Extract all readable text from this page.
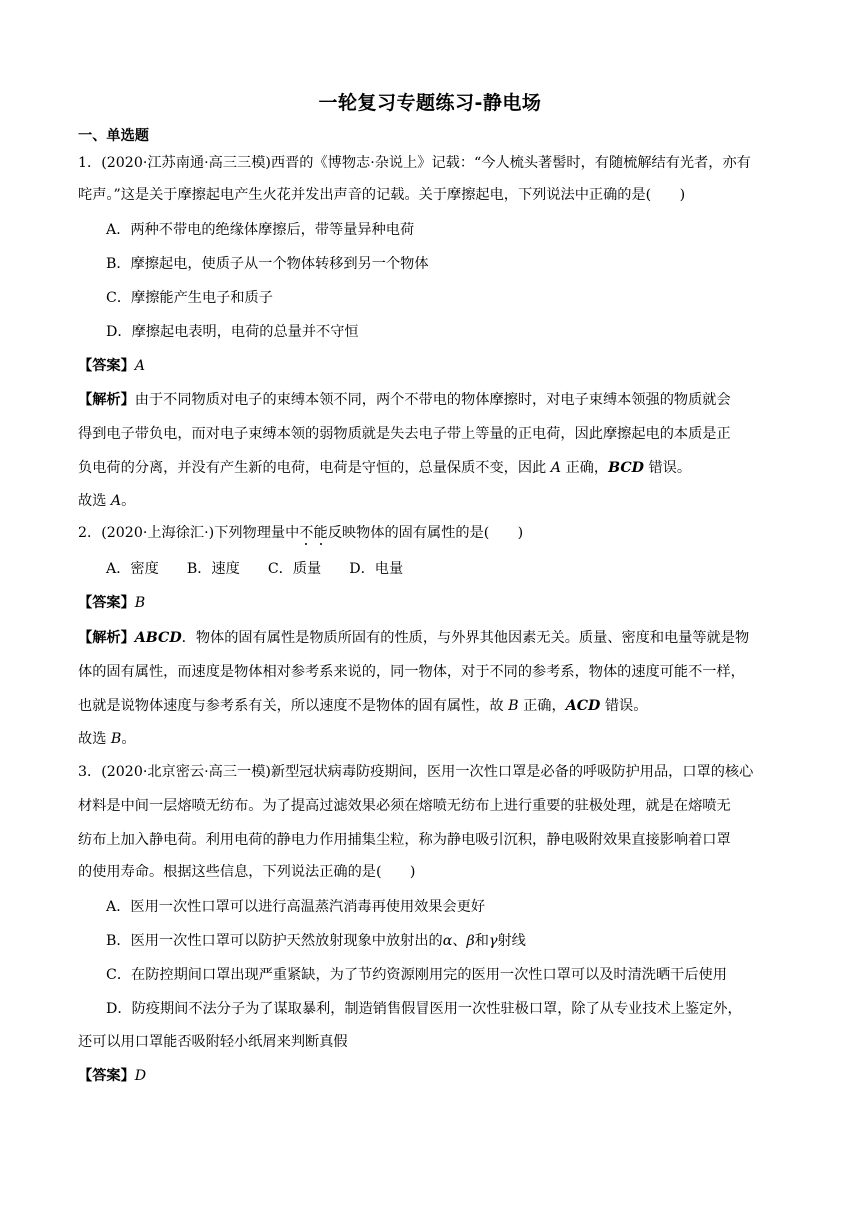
一轮复习专题练习-静电场
一、单选题
1．(2020·江苏南通·高三三模)西晋的《博物志·杂说上》记载：“今人梳头著髻时，有随梳解结有光者，亦有
咤声。”这是关于摩擦起电产生火花并发出声音的记载。关于摩擦起电，下列说法中正确的是(　　)
A．两种不带电的绝缘体摩擦后，带等量异种电荷
B．摩擦起电，使质子从一个物体转移到另一个物体
C．摩擦能产生电子和质子
D．摩擦起电表明，电荷的总量并不守恒
【答案】A
【解析】由于不同物质对电子的束缚本领不同，两个不带电的物体摩擦时，对电子束缚本领强的物质就会
得到电子带负电，而对电子束缚本领的弱物质就是失去电子带上等量的正电荷，因此摩擦起电的本质是正
负电荷的分离，并没有产生新的电荷，电荷是守恒的，总量保质不变，因此 A 正确，BCD 错误。
故选 A。
2．(2020·上海徐汇·)下列物理量中不能反映物体的固有属性的是(　　)
A．密度 B．速度 C．质量 D．电量
【答案】B
【解析】ABCD．物体的固有属性是物质所固有的性质，与外界其他因素无关。质量、密度和电量等就是物
体的固有属性，而速度是物体相对参考系来说的，同一物体，对于不同的参考系，物体的速度可能不一样，
也就是说物体速度与参考系有关，所以速度不是物体的固有属性，故 B 正确，ACD 错误。
故选 B。
3．(2020·北京密云·高三一模)新型冠状病毒防疫期间，医用一次性口罩是必备的呼吸防护用品，口罩的核心
材料是中间一层熔喷无纺布。为了提高过滤效果必须在熔喷无纺布上进行重要的驻极处理，就是在熔喷无
纺布上加入静电荷。利用电荷的静电力作用捕集尘粒，称为静电吸引沉积，静电吸附效果直接影响着口罩
的使用寿命。根据这些信息，下列说法正确的是(　　)
A．医用一次性口罩可以进行高温蒸汽消毒再使用效果会更好
B．医用一次性口罩可以防护天然放射现象中放射出的α、β和γ射线
C．在防控期间口罩出现严重紧缺，为了节约资源刚用完的医用一次性口罩可以及时清洗晒干后使用
D．防疫期间不法分子为了谋取暴利，制造销售假冒医用一次性驻极口罩，除了从专业技术上鉴定外，
还可以用口罩能否吸附轻小纸屑来判断真假
【答案】D
